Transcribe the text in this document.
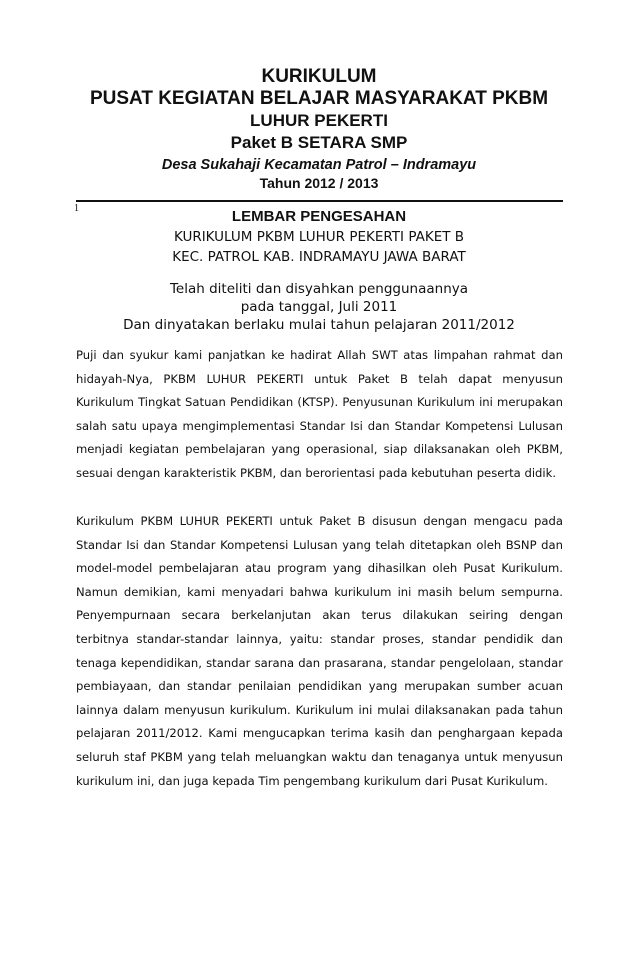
KURIKULUM
PUSAT KEGIATAN BELAJAR MASYARAKAT PKBM
LUHUR PEKERTI
Paket B SETARA SMP
Desa Sukahaji Kecamatan Patrol – Indramayu
Tahun 2012 / 2013
1	LEMBAR PENGESAHAN
KURIKULUM PKBM LUHUR PEKERTI PAKET B
KEC. PATROL KAB. INDRAMAYU JAWA BARAT
Telah diteliti dan disyahkan penggunaannya
pada tanggal, Juli 2011
Dan dinyatakan berlaku mulai tahun pelajaran 2011/2012

Puji dan syukur kami panjatkan ke hadirat Allah SWT atas limpahan rahmat dan hidayah-Nya, PKBM LUHUR PEKERTI untuk Paket B telah dapat menyusun Kurikulum Tingkat Satuan Pendidikan (KTSP). Penyusunan Kurikulum ini merupakan salah satu upaya mengimplementasi Standar Isi dan Standar Kompetensi Lulusan menjadi kegiatan pembelajaran yang operasional, siap dilaksanakan oleh PKBM, sesuai dengan karakteristik PKBM, dan berorientasi pada kebutuhan peserta didik.

Kurikulum PKBM LUHUR PEKERTI untuk Paket B disusun dengan mengacu pada Standar Isi dan Standar Kompetensi Lulusan yang telah ditetapkan oleh BSNP dan model-model pembelajaran atau program yang dihasilkan oleh Pusat Kurikulum. Namun demikian, kami menyadari bahwa kurikulum ini masih belum sempurna. Penyempurnaan secara berkelanjutan akan terus dilakukan seiring dengan terbitnya standar-standar lainnya, yaitu: standar proses, standar pendidik dan tenaga kependidikan, standar sarana dan prasarana, standar pengelolaan, standar pembiayaan, dan standar penilaian pendidikan yang merupakan sumber acuan lainnya dalam menyusun kurikulum. Kurikulum ini mulai dilaksanakan pada tahun pelajaran 2011/2012. Kami mengucapkan terima kasih dan penghargaan kepada seluruh staf PKBM yang telah meluangkan waktu dan tenaganya untuk menyusun kurikulum ini, dan juga kepada Tim pengembang kurikulum dari Pusat Kurikulum.
